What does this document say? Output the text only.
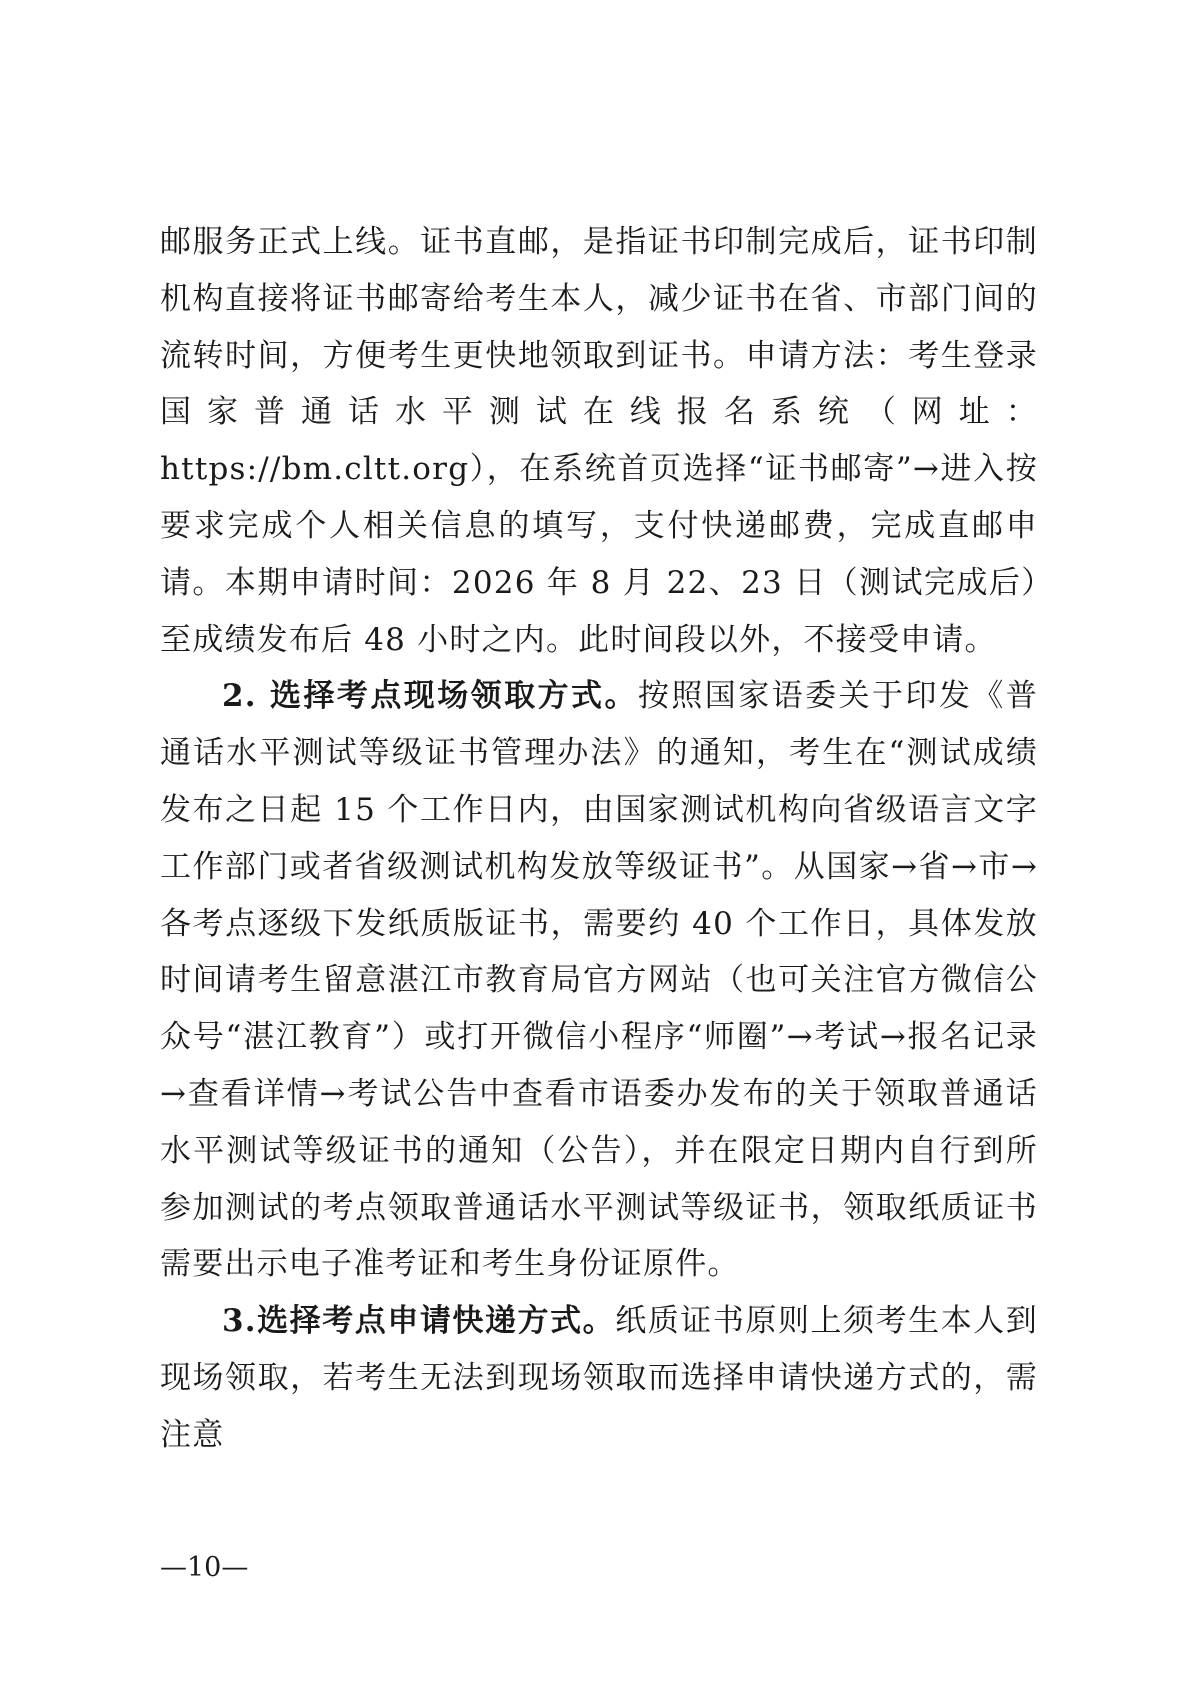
邮服务正式上线。证书直邮，是指证书印制完成后，证书印制机构直接将证书邮寄给考生本人，减少证书在省、市部门间的流转时间，方便考生更快地领取到证书。申请方法：考生登录国家普通话水平测试在线报名系统（网址：https://bm.cltt.org），在系统首页选择“证书邮寄”→进入按要求完成个人相关信息的填写，支付快递邮费，完成直邮申请。本期申请时间：2026 年 8 月 22、23 日（测试完成后）至成绩发布后 48 小时之内。此时间段以外，不接受申请。

2. 选择考点现场领取方式。按照国家语委关于印发《普通话水平测试等级证书管理办法》的通知，考生在“测试成绩发布之日起 15 个工作日内，由国家测试机构向省级语言文字工作部门或者省级测试机构发放等级证书”。从国家→省→市→各考点逐级下发纸质版证书，需要约 40 个工作日，具体发放时间请考生留意湛江市教育局官方网站（也可关注官方微信公众号“湛江教育”）或打开微信小程序“师圈”→考试→报名记录→查看详情→考试公告中查看市语委办发布的关于领取普通话水平测试等级证书的通知（公告），并在限定日期内自行到所参加测试的考点领取普通话水平测试等级证书，领取纸质证书需要出示电子准考证和考生身份证原件。

3.选择考点申请快递方式。纸质证书原则上须考生本人到现场领取，若考生无法到现场领取而选择申请快递方式的，需注意

—10—
